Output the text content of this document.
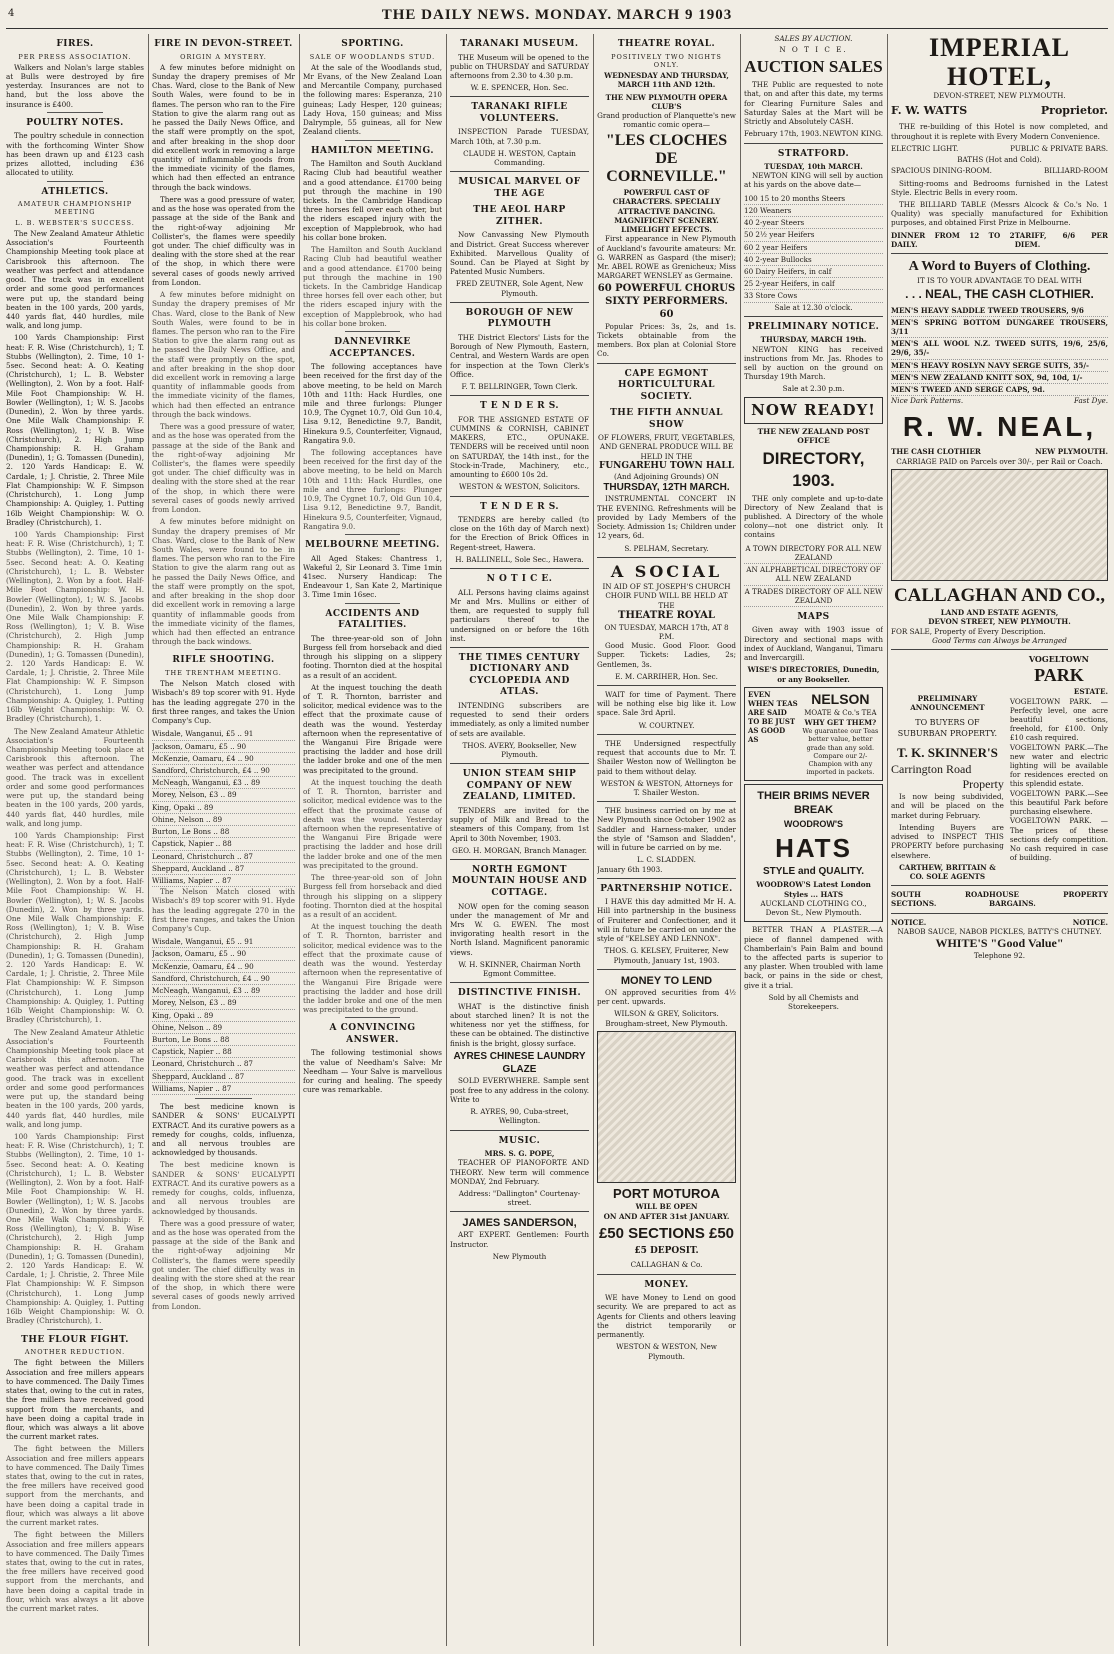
4	THE DAILY NEWS. MONDAY. MARCH 9 1903
FIRES.
PER PRESS ASSOCIATION.

Walkers and Nolan's large stables at Bulls were destroyed by fire yesterday. Insurances are not to hand, but the loss above the insurance is £400.

POULTRY NOTES.

The poultry schedule in connection with the forthcoming Winter Show has been drawn up and £123 cash prizes allotted, including £36 allocated to utility.

ATHLETICS.
AMATEUR CHAMPIONSHIP MEETING
L. B. WEBSTER'S SUCCESS.

The New Zealand Amateur Athletic Association's Fourteenth Championship Meeting took place at Carisbrook this afternoon. The weather was perfect and attendance good. The track was in excellent order and some good performances were put up, the standard being beaten in the 100 yards, 200 yards, 440 yards flat, 440 hurdles, mile walk, and long jump.

100 Yards Championship: First heat: F. R. Wise (Christchurch), 1; T. Stubbs (Wellington), 2. Time, 10 1-5sec. Second heat: A. O. Keating (Christchurch), 1; L. B. Webster (Wellington), 2. Won by a foot. Half-Mile Foot Championship: W. H. Bowler (Wellington), 1; W. S. Jacobs (Dunedin), 2. Won by three yards. One Mile Walk Championship: F. Ross (Wellington), 1; V. B. Wise (Christchurch), 2. High Jump Championship: R. H. Graham (Dunedin), 1; G. Tomassen (Dunedin), 2. 120 Yards Handicap: E. W. Cardale, 1; J. Christie, 2. Three Mile Flat Championship: W. F. Simpson (Christchurch), 1. Long Jump Championship: A. Quigley, 1. Putting 16lb Weight Championship: W. O. Bradley (Christchurch), 1.

100 Yards Championship: First heat: F. R. Wise (Christchurch), 1; T. Stubbs (Wellington), 2. Time, 10 1-5sec. Second heat: A. O. Keating (Christchurch), 1; L. B. Webster (Wellington), 2. Won by a foot. Half-Mile Foot Championship: W. H. Bowler (Wellington), 1; W. S. Jacobs (Dunedin), 2. Won by three yards. One Mile Walk Championship: F. Ross (Wellington), 1; V. B. Wise (Christchurch), 2. High Jump Championship: R. H. Graham (Dunedin), 1; G. Tomassen (Dunedin), 2. 120 Yards Handicap: E. W. Cardale, 1; J. Christie, 2. Three Mile Flat Championship: W. F. Simpson (Christchurch), 1. Long Jump Championship: A. Quigley, 1. Putting 16lb Weight Championship: W. O. Bradley (Christchurch), 1.

The New Zealand Amateur Athletic Association's Fourteenth Championship Meeting took place at Carisbrook this afternoon. The weather was perfect and attendance good. The track was in excellent order and some good performances were put up, the standard being beaten in the 100 yards, 200 yards, 440 yards flat, 440 hurdles, mile walk, and long jump.

100 Yards Championship: First heat: F. R. Wise (Christchurch), 1; T. Stubbs (Wellington), 2. Time, 10 1-5sec. Second heat: A. O. Keating (Christchurch), 1; L. B. Webster (Wellington), 2. Won by a foot. Half-Mile Foot Championship: W. H. Bowler (Wellington), 1; W. S. Jacobs (Dunedin), 2. Won by three yards. One Mile Walk Championship: F. Ross (Wellington), 1; V. B. Wise (Christchurch), 2. High Jump Championship: R. H. Graham (Dunedin), 1; G. Tomassen (Dunedin), 2. 120 Yards Handicap: E. W. Cardale, 1; J. Christie, 2. Three Mile Flat Championship: W. F. Simpson (Christchurch), 1. Long Jump Championship: A. Quigley, 1. Putting 16lb Weight Championship: W. O. Bradley (Christchurch), 1.

The New Zealand Amateur Athletic Association's Fourteenth Championship Meeting took place at Carisbrook this afternoon. The weather was perfect and attendance good. The track was in excellent order and some good performances were put up, the standard being beaten in the 100 yards, 200 yards, 440 yards flat, 440 hurdles, mile walk, and long jump.

100 Yards Championship: First heat: F. R. Wise (Christchurch), 1; T. Stubbs (Wellington), 2. Time, 10 1-5sec. Second heat: A. O. Keating (Christchurch), 1; L. B. Webster (Wellington), 2. Won by a foot. Half-Mile Foot Championship: W. H. Bowler (Wellington), 1; W. S. Jacobs (Dunedin), 2. Won by three yards. One Mile Walk Championship: F. Ross (Wellington), 1; V. B. Wise (Christchurch), 2. High Jump Championship: R. H. Graham (Dunedin), 1; G. Tomassen (Dunedin), 2. 120 Yards Handicap: E. W. Cardale, 1; J. Christie, 2. Three Mile Flat Championship: W. F. Simpson (Christchurch), 1. Long Jump Championship: A. Quigley, 1. Putting 16lb Weight Championship: W. O. Bradley (Christchurch), 1.

THE FLOUR FIGHT.
ANOTHER REDUCTION.

The fight between the Millers Association and free millers appears to have commenced. The Daily Times states that, owing to the cut in rates, the free millers have received good support from the merchants, and have been doing a capital trade in flour, which was always a lit above the current market rates.

The fight between the Millers Association and free millers appears to have commenced. The Daily Times states that, owing to the cut in rates, the free millers have received good support from the merchants, and have been doing a capital trade in flour, which was always a lit above the current market rates.

The fight between the Millers Association and free millers appears to have commenced. The Daily Times states that, owing to the cut in rates, the free millers have received good support from the merchants, and have been doing a capital trade in flour, which was always a lit above the current market rates.

FIRE IN DEVON-STREET.
ORIGIN A MYSTERY.

A few minutes before midnight on Sunday the drapery premises of Mr Chas. Ward, close to the Bank of New South Wales, were found to be in flames. The person who ran to the Fire Station to give the alarm rang out as he passed the Daily News Office, and the staff were promptly on the spot, and after breaking in the shop door did excellent work in removing a large quantity of inflammable goods from the immediate vicinity of the flames, which had then effected an entrance through the back windows.

There was a good pressure of water, and as the hose was operated from the passage at the side of the Bank and the right-of-way adjoining Mr Collister's, the flames were speedily got under. The chief difficulty was in dealing with the store shed at the rear of the shop, in which there were several cases of goods newly arrived from London.

A few minutes before midnight on Sunday the drapery premises of Mr Chas. Ward, close to the Bank of New South Wales, were found to be in flames. The person who ran to the Fire Station to give the alarm rang out as he passed the Daily News Office, and the staff were promptly on the spot, and after breaking in the shop door did excellent work in removing a large quantity of inflammable goods from the immediate vicinity of the flames, which had then effected an entrance through the back windows.

There was a good pressure of water, and as the hose was operated from the passage at the side of the Bank and the right-of-way adjoining Mr Collister's, the flames were speedily got under. The chief difficulty was in dealing with the store shed at the rear of the shop, in which there were several cases of goods newly arrived from London.

A few minutes before midnight on Sunday the drapery premises of Mr Chas. Ward, close to the Bank of New South Wales, were found to be in flames. The person who ran to the Fire Station to give the alarm rang out as he passed the Daily News Office, and the staff were promptly on the spot, and after breaking in the shop door did excellent work in removing a large quantity of inflammable goods from the immediate vicinity of the flames, which had then effected an entrance through the back windows.

RIFLE SHOOTING.
THE TRENTHAM MEETING.

The Nelson Match closed with Wisbach's 89 top scorer with 91. Hyde has the leading aggregate 270 in the first three ranges, and takes the Union Company's Cup.

Wisdale, Wanganui, £5 .. 91
Jackson, Oamaru, £5 .. 90
McKenzie, Oamaru, £4 .. 90
Sandford, Christchurch, £4 .. 90
McNeagh, Wanganui, £3 .. 89
Morey, Nelson, £3 .. 89
King, Opaki .. 89
Ohine, Nelson .. 89
Burton, Le Bons .. 88
Capstick, Napier .. 88
Leonard, Christchurch .. 87
Sheppard, Auckland .. 87
Williams, Napier .. 87

The Nelson Match closed with Wisbach's 89 top scorer with 91. Hyde has the leading aggregate 270 in the first three ranges, and takes the Union Company's Cup.

Wisdale, Wanganui, £5 .. 91
Jackson, Oamaru, £5 .. 90
McKenzie, Oamaru, £4 .. 90
Sandford, Christchurch, £4 .. 90
McNeagh, Wanganui, £3 .. 89
Morey, Nelson, £3 .. 89
King, Opaki .. 89
Ohine, Nelson .. 89
Burton, Le Bons .. 88
Capstick, Napier .. 88
Leonard, Christchurch .. 87
Sheppard, Auckland .. 87
Williams, Napier .. 87

The best medicine known is SANDER & SONS' EUCALYPTI EXTRACT. And its curative powers as a remedy for coughs, colds, influenza, and all nervous troubles are acknowledged by thousands.

The best medicine known is SANDER & SONS' EUCALYPTI EXTRACT. And its curative powers as a remedy for coughs, colds, influenza, and all nervous troubles are acknowledged by thousands.

There was a good pressure of water, and as the hose was operated from the passage at the side of the Bank and the right-of-way adjoining Mr Collister's, the flames were speedily got under. The chief difficulty was in dealing with the store shed at the rear of the shop, in which there were several cases of goods newly arrived from London.

SPORTING.
SALE OF WOODLANDS STUD.

At the sale of the Woodlands stud, Mr Evans, of the New Zealand Loan and Mercantile Company, purchased the following mares: Esperanza, 210 guineas; Lady Hesper, 120 guineas; Lady Hova, 150 guineas; and Miss Dalrymple, 55 guineas, all for New Zealand clients.

HAMILTON MEETING.

The Hamilton and South Auckland Racing Club had beautiful weather and a good attendance. £1700 being put through the machine in 190 tickets. In the Cambridge Handicap three horses fell over each other, but the riders escaped injury with the exception of Mapplebrook, who had his collar bone broken.

The Hamilton and South Auckland Racing Club had beautiful weather and a good attendance. £1700 being put through the machine in 190 tickets. In the Cambridge Handicap three horses fell over each other, but the riders escaped injury with the exception of Mapplebrook, who had his collar bone broken.

DANNEVIRKE ACCEPTANCES.

The following acceptances have been received for the first day of the above meeting, to be held on March 10th and 11th: Hack Hurdles, one mile and three furlongs: Plunger 10.9, The Cygnet 10.7, Old Gun 10.4, Lisa 9.12, Benedictine 9.7, Bandit, Hinekura 9.5, Counterfeiter, Vignaud, Rangatira 9.0.

The following acceptances have been received for the first day of the above meeting, to be held on March 10th and 11th: Hack Hurdles, one mile and three furlongs: Plunger 10.9, The Cygnet 10.7, Old Gun 10.4, Lisa 9.12, Benedictine 9.7, Bandit, Hinekura 9.5, Counterfeiter, Vignaud, Rangatira 9.0.

MELBOURNE MEETING.

All Aged Stakes: Chantress 1, Wakeful 2, Sir Leonard 3. Time 1min 41sec. Nursery Handicap: The Endeavour 1, San Kate 2, Martinique 3. Time 1min 16sec.

ACCIDENTS AND FATALITIES.

The three-year-old son of John Burgess fell from horseback and died through his slipping on a slippery footing. Thornton died at the hospital as a result of an accident.

At the inquest touching the death of T. R. Thornton, barrister and solicitor, medical evidence was to the effect that the proximate cause of death was the wound. Yesterday afternoon when the representative of the Wanganui Fire Brigade were practising the ladder and hose drill the ladder broke and one of the men was precipitated to the ground.

At the inquest touching the death of T. R. Thornton, barrister and solicitor, medical evidence was to the effect that the proximate cause of death was the wound. Yesterday afternoon when the representative of the Wanganui Fire Brigade were practising the ladder and hose drill the ladder broke and one of the men was precipitated to the ground.

The three-year-old son of John Burgess fell from horseback and died through his slipping on a slippery footing. Thornton died at the hospital as a result of an accident.

At the inquest touching the death of T. R. Thornton, barrister and solicitor, medical evidence was to the effect that the proximate cause of death was the wound. Yesterday afternoon when the representative of the Wanganui Fire Brigade were practising the ladder and hose drill the ladder broke and one of the men was precipitated to the ground.

A CONVINCING ANSWER.

The following testimonial shows the value of Needham's Salve: Mr Needham — Your Salve is marvellous for curing and healing. The speedy cure was remarkable.

TARANAKI MUSEUM.

THE Museum will be opened to the public on THURSDAY and SATURDAY afternoons from 2.30 to 4.30 p.m.

W. E. SPENCER, Hon. Sec.
TARANAKI RIFLE VOLUNTEERS.

INSPECTION Parade TUESDAY, March 10th, at 7.30 p.m.

CLAUDE H. WESTON, Captain Commanding.
MUSICAL MARVEL OF THE AGE
THE AEOL HARP ZITHER.

Now Canvassing New Plymouth and District. Great Success wherever Exhibited. Marvellous Quality of Sound. Can be Played at Sight by Patented Music Numbers.

FRED ZEUTNER, Sole Agent, New Plymouth.
BOROUGH OF NEW PLYMOUTH

THE District Electors' Lists for the Borough of New Plymouth, Eastern, Central, and Western Wards are open for inspection at the Town Clerk's Office.

F. T. BELLRINGER, Town Clerk.
T E N D E R S.

FOR THE ASSIGNED ESTATE OF CUMMINS & CORNISH, CABINET MAKERS, ETC., OPUNAKE. TENDERS will be received until noon on SATURDAY, the 14th inst., for the Stock-in-Trade, Machinery, etc., amounting to £600 10s 2d.

WESTON & WESTON, Solicitors.
T E N D E R S.

TENDERS are hereby called (to close on the 16th day of March next) for the Erection of Brick Offices in Regent-street, Hawera.

H. BALLINELL, Sole Sec., Hawera.
N O T I C E.

ALL Persons having claims against Mr and Mrs. Mullins or either of them, are requested to supply full particulars thereof to the undersigned on or before the 16th inst.

THE TIMES CENTURY DICTIONARY AND CYCLOPEDIA AND ATLAS.

INTENDING subscribers are requested to send their orders immediately, as only a limited number of sets are available.

THOS. AVERY, Bookseller, New Plymouth.
UNION STEAM SHIP COMPANY OF NEW ZEALAND, LIMITED.

TENDERS are invited for the supply of Milk and Bread to the steamers of this Company, from 1st April to 30th November, 1903.

GEO. H. MORGAN, Branch Manager.
NORTH EGMONT MOUNTAIN HOUSE AND COTTAGE.

NOW open for the coming season under the management of Mr and Mrs W. G. EWEN. The most invigorating health resort in the North Island. Magnificent panoramic views.

W. H. SKINNER, Chairman North Egmont Committee.
DISTINCTIVE FINISH.

WHAT is the distinctive finish about starched linen? It is not the whiteness nor yet the stiffness, for these can be obtained. The distinctive finish is the bright, glossy surface.

AYRES CHINESE LAUNDRY GLAZE

SOLD EVERYWHERE. Sample sent post free to any address in the colony. Write to

R. AYRES, 90, Cuba-street, Wellington.
MUSIC.
MRS. S. G. POPE,

TEACHER OF PIANOFORTE AND THEORY. New term will commence MONDAY, 2nd February.

Address: "Dallington" Courtenay-street.
JAMES SANDERSON,

ART EXPERT. Gentlemen: Fourth Instructor.

New Plymouth
THEATRE ROYAL.
POSITIVELY TWO NIGHTS ONLY.
WEDNESDAY AND THURSDAY, MARCH 11th AND 12th.
THE NEW PLYMOUTH OPERA CLUB'S
Grand production of Planquette's new romantic comic opera—
"LES CLOCHES DE CORNEVILLE."
POWERFUL CAST OF CHARACTERS. SPECIALLY ATTRACTIVE DANCING. MAGNIFICENT SCENERY. LIMELIGHT EFFECTS.

First appearance in New Plymouth of Auckland's favourite amateurs: Mr. G. WARREN as Gaspard (the miser); Mr. ABEL ROWE as Grenicheux; Miss MARGARET WENSLEY as Germaine.

60 POWERFUL CHORUS SIXTY PERFORMERS. 60

Popular Prices: 3s, 2s, and 1s. Tickets obtainable from the members. Box plan at Colonial Store Co.

CAPE EGMONT HORTICULTURAL SOCIETY.
THE FIFTH ANNUAL SHOW
OF FLOWERS, FRUIT, VEGETABLES, AND GENERAL PRODUCE WILL BE HELD IN THE
FUNGAREHU TOWN HALL
(And Adjoining Grounds) ON
THURSDAY, 12TH MARCH.

INSTRUMENTAL CONCERT IN THE EVENING. Refreshments will be provided by Lady Members of the Society. Admission 1s; Children under 12 years, 6d.

S. PELHAM, Secretary.
A SOCIAL
IN AID OF ST. JOSEPH'S CHURCH CHOIR FUND WILL BE HELD AT THE
THEATRE ROYAL
ON TUESDAY, MARCH 17th, AT 8 P.M.

Good Music. Good Floor. Good Supper. Tickets: Ladies, 2s; Gentlemen, 3s.

E. M. CARRIHER, Hon. Sec.

WAIT for time of Payment. There will be nothing else big like it. Low space. Sale 3rd April.

W. COURTNEY.

THE Undersigned respectfully request that accounts due to Mr. T. Shailer Weston now of Wellington be paid to them without delay.

WESTON & WESTON, Attorneys for T. Shailer Weston.

THE business carried on by me at New Plymouth since October 1902 as Saddler and Harness-maker, under the style of "Samson and Sladden", will in future be carried on by me.

L. C. SLADDEN.
January 6th 1903.
PARTNERSHIP NOTICE.

I HAVE this day admitted Mr H. A. Hill into partnership in the business of Fruiterer and Confectioner, and it will in future be carried on under the style of "KELSEY AND LENNOX".

THOS. G. KELSEY, Fruiterer, New Plymouth, January 1st, 1903.
MONEY TO LEND

ON approved securities from 4½ per cent. upwards.

WILSON & GREY, Solicitors. Brougham-street, New Plymouth.
PORT MOTUROA
WILL BE OPEN
ON AND AFTER 31st JANUARY.
£50 SECTIONS £50
£5 DEPOSIT.
CALLAGHAN & Co.
MONEY.

WE have Money to Lend on good security. We are prepared to act as Agents for Clients and others leaving the district temporarily or permanently.

WESTON & WESTON, New Plymouth.
SALES BY AUCTION.
N O T I C E.
AUCTION SALES

THE Public are requested to note that, on and after this date, my terms for Clearing Furniture Sales and Saturday Sales at the Mart will be Strictly and Absolutely CASH.

February 17th, 1903. NEWTON KING.
STRATFORD.
TUESDAY, 10th MARCH.

NEWTON KING will sell by auction at his yards on the above date—

100 15 to 20 months Steers
120 Weaners
40 2-year Steers
50 2½ year Heifers
60 2 year Heifers
40 2-year Bullocks
60 Dairy Heifers, in calf
25 2-year Heifers, in calf
33 Store Cows
Sale at 12.30 o'clock.
PRELIMINARY NOTICE.
THURSDAY, MARCH 19th.

NEWTON KING has received instructions from Mr. Jas. Rhodes to sell by auction on the ground on Thursday 19th March.

Sale at 2.30 p.m.
NOW READY!
THE NEW ZEALAND POST OFFICE
DIRECTORY, 1903.

THE only complete and up-to-date Directory of New Zealand that is published. A Directory of the whole colony—not one district only. It contains

A TOWN DIRECTORY FOR ALL NEW ZEALAND
AN ALPHABETICAL DIRECTORY OF ALL NEW ZEALAND
A TRADES DIRECTORY OF ALL NEW ZEALAND
MAPS

Given away with 1903 issue of Directory and sectional maps with index of Auckland, Wanganui, Timaru and Invercargill.

WISE'S DIRECTORIES, Dunedin, or any Bookseller.
EVEN WHEN TEAS ARE SAID TO BE JUST AS GOOD AS
NELSON
MOATE & Co.'s TEA
WHY GET THEM?
We guarantee our Teas better value, better grade than any sold. Compare our 2/- Champion with any imported in packets.
THEIR BRIMS NEVER BREAK
WOODROW'S
HATS
STYLE and QUALITY.
WOODROW'S Latest London Styles ... HATS
AUCKLAND CLOTHING CO., Devon St., New Plymouth.

BETTER THAN A PLASTER.—A piece of flannel dampened with Chamberlain's Pain Balm and bound to the affected parts is superior to any plaster. When troubled with lame back, or pains in the side or chest, give it a trial.

Sold by all Chemists and Storekeepers.
IMPERIAL HOTEL,
DEVON-STREET, NEW PLYMOUTH.
F. W. WATTS	Proprietor.

THE re-building of this Hotel is now completed, and throughout it is replete with Every Modern Convenience.

ELECTRIC LIGHT.	PUBLIC & PRIVATE BARS.
BATHS (Hot and Cold).
SPACIOUS DINING-ROOM.	BILLIARD-ROOM

Sitting-rooms and Bedrooms furnished in the Latest Style. Electric Bells in every room.

THE BILLIARD TABLE (Messrs Alcock & Co.'s No. 1 Quality) was specially manufactured for Exhibition purposes, and obtained First Prize in Melbourne.

DINNER FROM 12 TO 2 DAILY.
TARIFF, 6/6 PER DIEM.
A Word to Buyers of Clothing.
IT IS TO YOUR ADVANTAGE TO DEAL WITH
. . . NEAL, THE CASH CLOTHIER.
MEN'S HEAVY SADDLE TWEED TROUSERS, 9/6
MEN'S SPRING BOTTOM DUNGAREE TROUSERS, 3/11
MEN'S ALL WOOL N.Z. TWEED SUITS, 19/6, 25/6, 29/6, 35/-
MEN'S HEAVY ROSLYN NAVY SERGE SUITS, 35/-
MEN'S NEW ZEALAND KNITT SOX, 9d, 10d, 1/-
MEN'S TWEED AND SERGE CAPS, 9d.
Nice Dark Patterns.	Fast Dye.
R. W. NEAL,
THE CASH CLOTHIER	NEW PLYMOUTH.
CARRIAGE PAID on Parcels over 30/-, per Rail or Coach.
CALLAGHAN AND CO.,
LAND AND ESTATE AGENTS,
DEVON STREET, NEW PLYMOUTH.
FOR SALE, Property of Every Description.
Good Terms can Always be Arranged
PRELIMINARY ANNOUNCEMENT
TO BUYERS OF SUBURBAN PROPERTY.
T. K. SKINNER'S
Carrington Road
Property

Is now being subdivided, and will be placed on the market during February.

Intending Buyers are advised to INSPECT THIS PROPERTY before purchasing elsewhere.

CARTHEW, BRITTAIN & CO. SOLE AGENTS
VOGELTOWN
PARK
ESTATE.
VOGELTOWN PARK. — Perfectly level, one acre beautiful sections, freehold, for £100. Only £10 cash required.
VOGELTOWN PARK.—The new water and electric lighting will be available for residences erected on this splendid estate.
VOGELTOWN PARK.—See this beautiful Park before purchasing elsewhere.
VOGELTOWN PARK. — The prices of these sections defy competition. No cash required in case of building.
SOUTH ROAD SECTIONS.
HOUSE PROPERTY BARGAINS.
NOTICE.	NOTICE.
NABOB SAUCE, NABOB PICKLES, BATTY'S CHUTNEY.
WHITE'S "Good Value"
Telephone 92.
